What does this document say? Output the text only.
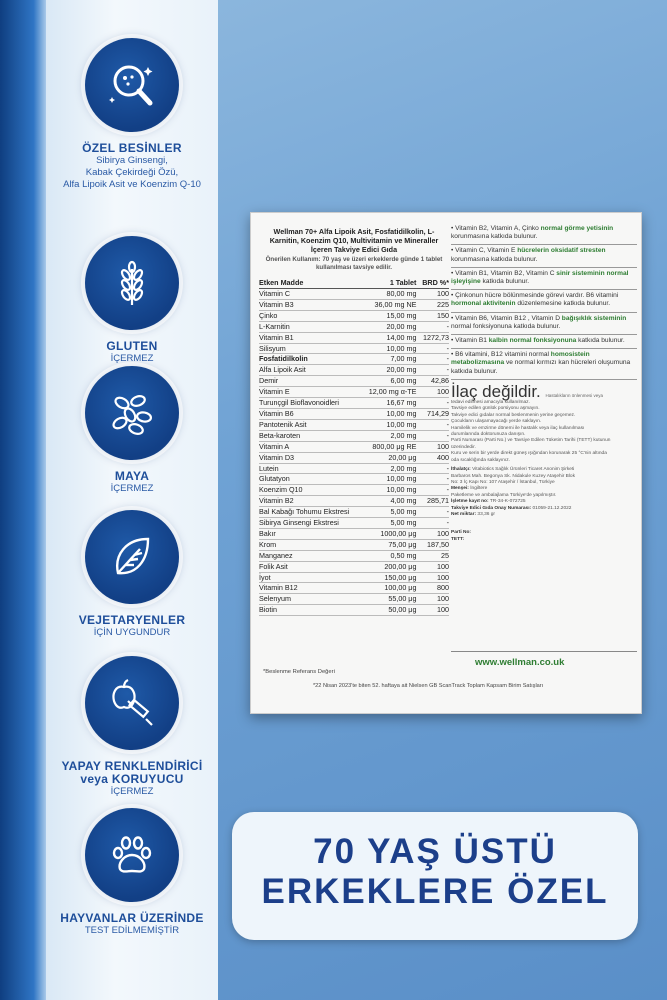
ÖZEL BESİNLER
Sibirya Ginsengi,
Kabak Çekirdeği Özü,
Alfa Lipoik Asit ve Koenzim Q-10
GLUTEN
İÇERMEZ
MAYA
İÇERMEZ
VEJETARYENLER
İÇİN UYGUNDUR
YAPAY RENKLENDİRİCİ veya KORUYUCU
İÇERMEZ
HAYVANLAR ÜZERİNDE
TEST EDİLMEMİŞTİR
Wellman 70+ Alfa Lipoik Asit, Fosfatidilkolin, L-Karnitin, Koenzim Q10, Multivitamin ve Mineraller İçeren Takviye Edici Gıda
Önerilen Kullanım: 70 yaş ve üzeri erkeklerde günde 1 tablet kullanılması tavsiye edilir.
Etken Madde	1 Tablet	BRD %*
Vitamin C	80,00 mg	100
Vitamin B3	36,00 mg NE	225
Çinko	15,00 mg	150
L-Karnitin	20,00 mg	-
Vitamin B1	14,00 mg	1272,73
Silisyum	10,00 mg	-
Fosfatidilkolin	7,00 mg	-
Alfa Lipoik Asit	20,00 mg	-
Demir	6,00 mg	42,86
Vitamin E	12,00 mg α-TE	100
Turunçgil Bioflavonoidleri	16,67 mg	-
Vitamin B6	10,00 mg	714,29
Pantotenik Asit	10,00 mg	-
Beta-karoten	2,00 mg	-
Vitamin A	800,00 μg RE	100
Vitamin D3	20,00 μg	400
Lutein	2,00 mg	-
Glutatyon	10,00 mg	-
Koenzim Q10	10,00 mg	-
Vitamin B2	4,00 mg	285,71
Bal Kabağı Tohumu Ekstresi	5,00 mg	-
Sibirya Ginsengi Ekstresi	5,00 mg	-
Bakır	1000,00 μg	100
Krom	75,00 μg	187,50
Manganez	0,50 mg	25
Folik Asit	200,00 μg	100
İyot	150,00 μg	100
Vitamin B12	100,00 μg	800
Selenyum	55,00 μg	100
Biotin	50,00 μg	100
*Beslenme Referans Değeri
*22 Nisan 2023'te biten 52. haftaya ait Nielsen GB ScanTrack Toplam Kapsam Birim Satışları
• Vitamin B2, Vitamin A, Çinko normal görme yetisinin korunmasına katkıda bulunur.
• Vitamin C, Vitamin E hücrelerin oksidatif stresten korunmasına katkıda bulunur.
• Vitamin B1, Vitamin B2, Vitamin C sinir sisteminin normal işleyişine katkıda bulunur.
• Çinkonun hücre bölünmesinde görevi vardır. B6 vitamini hormonal aktivitenin düzenlemesine katkıda bulunur.
• Vitamin B6, Vitamin B12 , Vitamin D bağışıklık sisteminin normal fonksiyonuna katkıda bulunur.
• Vitamin B1 kalbin normal fonksiyonuna katkıda bulunur.
• B6 vitamini, B12 vitamini normal homosistein metabolizmasına ve normal kırmızı kan hücreleri oluşumuna katkıda bulunur.
İlaç değildir. Hastalıkların önlenmesi veya
tedavi edilmesi amacıyla kullanılmaz.
Tavsiye edilen günlük porsiyonu aşmayın.
Takviye edici gıdalar normal beslenmenin yerine geçemez.
Çocukların ulaşamayacağı yerde saklayın.
Hamilelik ve emzirme dönemi ile hastalık veya ilaç kullanılması
durumlarında doktorunuza danışın.
Parti Numarası (Parti No.) ve Tavsiye Edilen Tüketim Tarihi (TETT) kutunun
üzerindedir.
Kuru ve serin bir yerde direkt güneş ışığından korunarak 25 °C'nin altında
oda sıcaklığında saklayınız.
İthalatçı: Vitabiotics Sağlık Ürünleri Ticaret Anonim Şirketi
Barbaros Mah. Begonya Sk. Nidakule Kuzey Ataşehir Blok
No: 3 İç Kapı No: 107 Ataşehir / İstanbul, Türkiye
Menşei: İngiltere
Paketleme ve ambalajlama Türkiye'de yapılmıştır.
İşletme kayıt no: TR-34-K-072725
Takviye Edici Gıda Onay Numarası: 01059-21.12.2022
Net miktar: 33,36 gr
Parti No:
TETT:
www.wellman.co.uk
70 YAŞ ÜSTÜ
ERKEKLERE ÖZEL
